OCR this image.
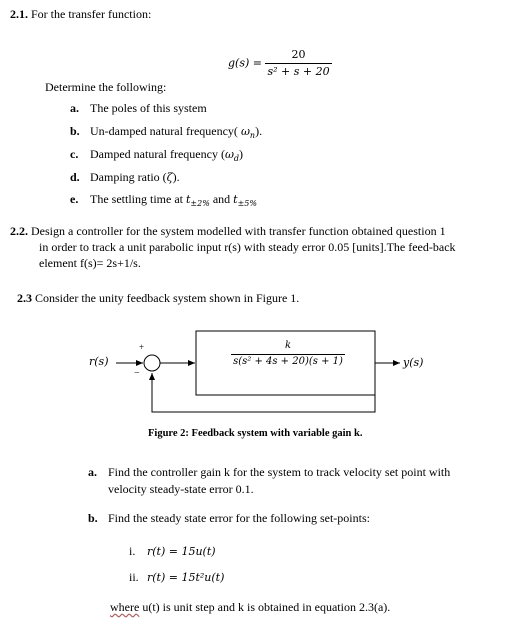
2.1. For the transfer function:
$g(s) = \frac{20}{\text{s² + s + 20}}$
Determine the following:
a. The poles of this system
b. Un-damped natural frequency( $\omega_n$).
c. Damped natural frequency $(\omega_d)$
d. Damping ratio (ζ).
e. The settling time at $t_{\pm 2\%}$ and $t_{\pm 5\%}$
2.2. Design a controller for the system modelled with transfer function obtained question 1
in order to track a unit parabolic input r(s) with steady error 0.05 [units].The feed-back
element f(s)= 2s+1/s.
2.3 Consider the unity feedback system shown in Figure 1.
r(s)	y(s)
+
−
$\frac{k}{\text{s(s² + 4s + 20)(s + 1)}}$
Figure 2: Feedback system with variable gain k.
a. Find the controller gain k for the system to track velocity set point with
velocity steady-state error 0.1.
b. Find the steady state error for the following set-points:
i. r(t) = 15u(t)
ii. r(t) = 15t²u(t)
where u(t) is unit step and k is obtained in equation 2.3(a).
